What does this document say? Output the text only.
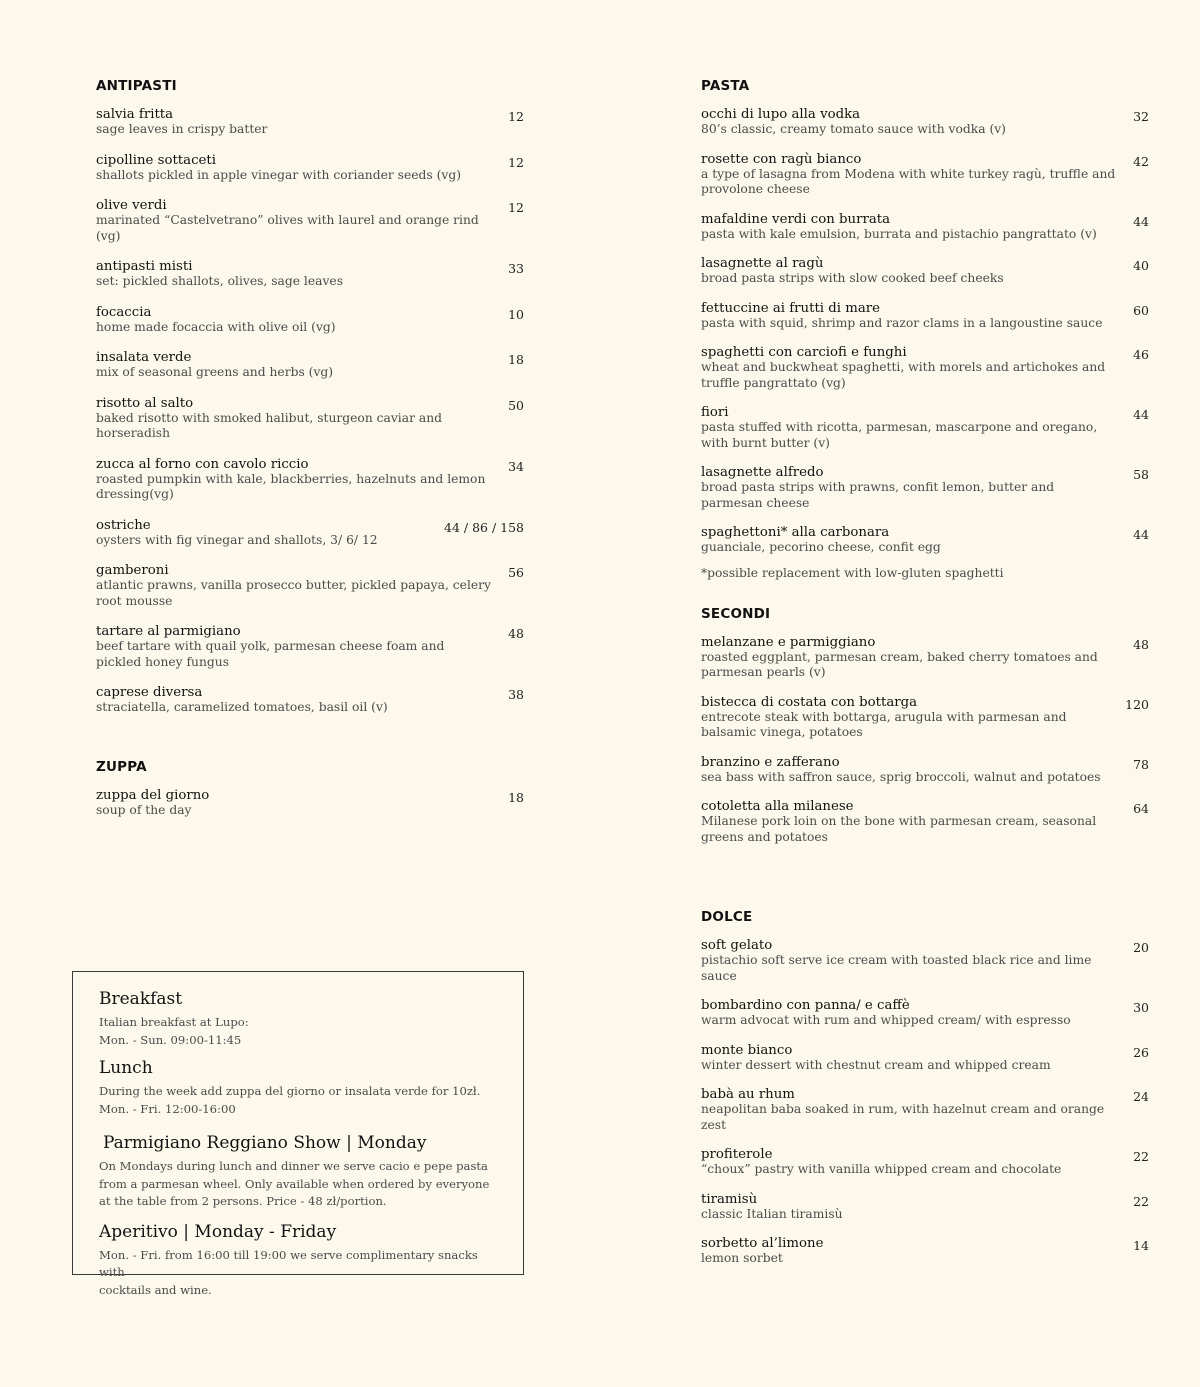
ANTIPASTI
salvia fritta
sage leaves in crispy batter
12
cipolline sottaceti
shallots pickled in apple vinegar with coriander seeds (vg)
12
olive verdi
marinated “Castelvetrano” olives with laurel and orange rind (vg)
12
antipasti misti
set: pickled shallots, olives, sage leaves
33
focaccia
home made focaccia with olive oil (vg)
10
insalata verde
mix of seasonal greens and herbs (vg)
18
risotto al salto
baked risotto with smoked halibut, sturgeon caviar and horseradish
50
zucca al forno con cavolo riccio
roasted pumpkin with kale, blackberries, hazelnuts and lemon dressing(vg)
34
ostriche
oysters with fig vinegar and shallots, 3/ 6/ 12
44 / 86 / 158
gamberoni
atlantic prawns, vanilla prosecco butter, pickled papaya, celery root mousse
56
tartare al parmigiano
beef tartare with quail yolk, parmesan cheese foam and pickled honey fungus
48
caprese diversa
straciatella, caramelized tomatoes, basil oil (v)
38
ZUPPA
zuppa del giorno
soup of the day
18
PASTA
occhi di lupo alla vodka
80’s classic, creamy tomato sauce with vodka (v)
32
rosette con ragù bianco
a type of lasagna from Modena with white turkey ragù, truffle and provolone cheese
42
mafaldine verdi con burrata
pasta with kale emulsion, burrata and pistachio pangrattato (v)
44
lasagnette al ragù
broad pasta strips with slow cooked beef cheeks
40
fettuccine ai frutti di mare
pasta with squid, shrimp and razor clams in a langoustine sauce
60
spaghetti con carciofi e funghi
wheat and buckwheat spaghetti, with morels and artichokes and truffle pangrattato (vg)
46
fiori
pasta stuffed with ricotta, parmesan, mascarpone and oregano, with burnt butter (v)
44
lasagnette alfredo
broad pasta strips with prawns, confit lemon, butter and parmesan cheese
58
spaghettoni* alla carbonara
guanciale, pecorino cheese, confit egg
44
*possible replacement with low-gluten spaghetti
SECONDI
melanzane e parmiggiano
roasted eggplant, parmesan cream, baked cherry tomatoes and parmesan pearls (v)
48
bistecca di costata con bottarga
entrecote steak with bottarga, arugula with parmesan and balsamic vinega, potatoes
120
branzino e zafferano
sea bass with saffron sauce, sprig broccoli, walnut and potatoes
78
cotoletta alla milanese
Milanese pork loin on the bone with parmesan cream, seasonal greens and potatoes
64
DOLCE
soft gelato
pistachio soft serve ice cream with toasted black rice and lime sauce
20
bombardino con panna/ e caffè
warm advocat with rum and whipped cream/ with espresso
30
monte bianco
winter dessert with chestnut cream and whipped cream
26
babà au rhum
neapolitan baba soaked in rum, with hazelnut cream and orange zest
24
profiterole
“choux” pastry with vanilla whipped cream and chocolate
22
tiramisù
classic Italian tiramisù
22
sorbetto al’limone
lemon sorbet
14
Breakfast

Italian breakfast at Lupo:

Mon. - Sun. 09:00-11:45

Lunch

During the week add zuppa del giorno or insalata verde for 10zł.

Mon. - Fri. 12:00-16:00

Parmigiano Reggiano Show | Monday

On Mondays during lunch and dinner we serve cacio e pepe pasta

from a parmesan wheel. Only available when ordered by everyone

at the table from 2 persons. Price - 48 zł/portion.

Aperitivo | Monday - Friday

Mon. - Fri. from 16:00 till 19:00 we serve complimentary snacks with

cocktails and wine.
